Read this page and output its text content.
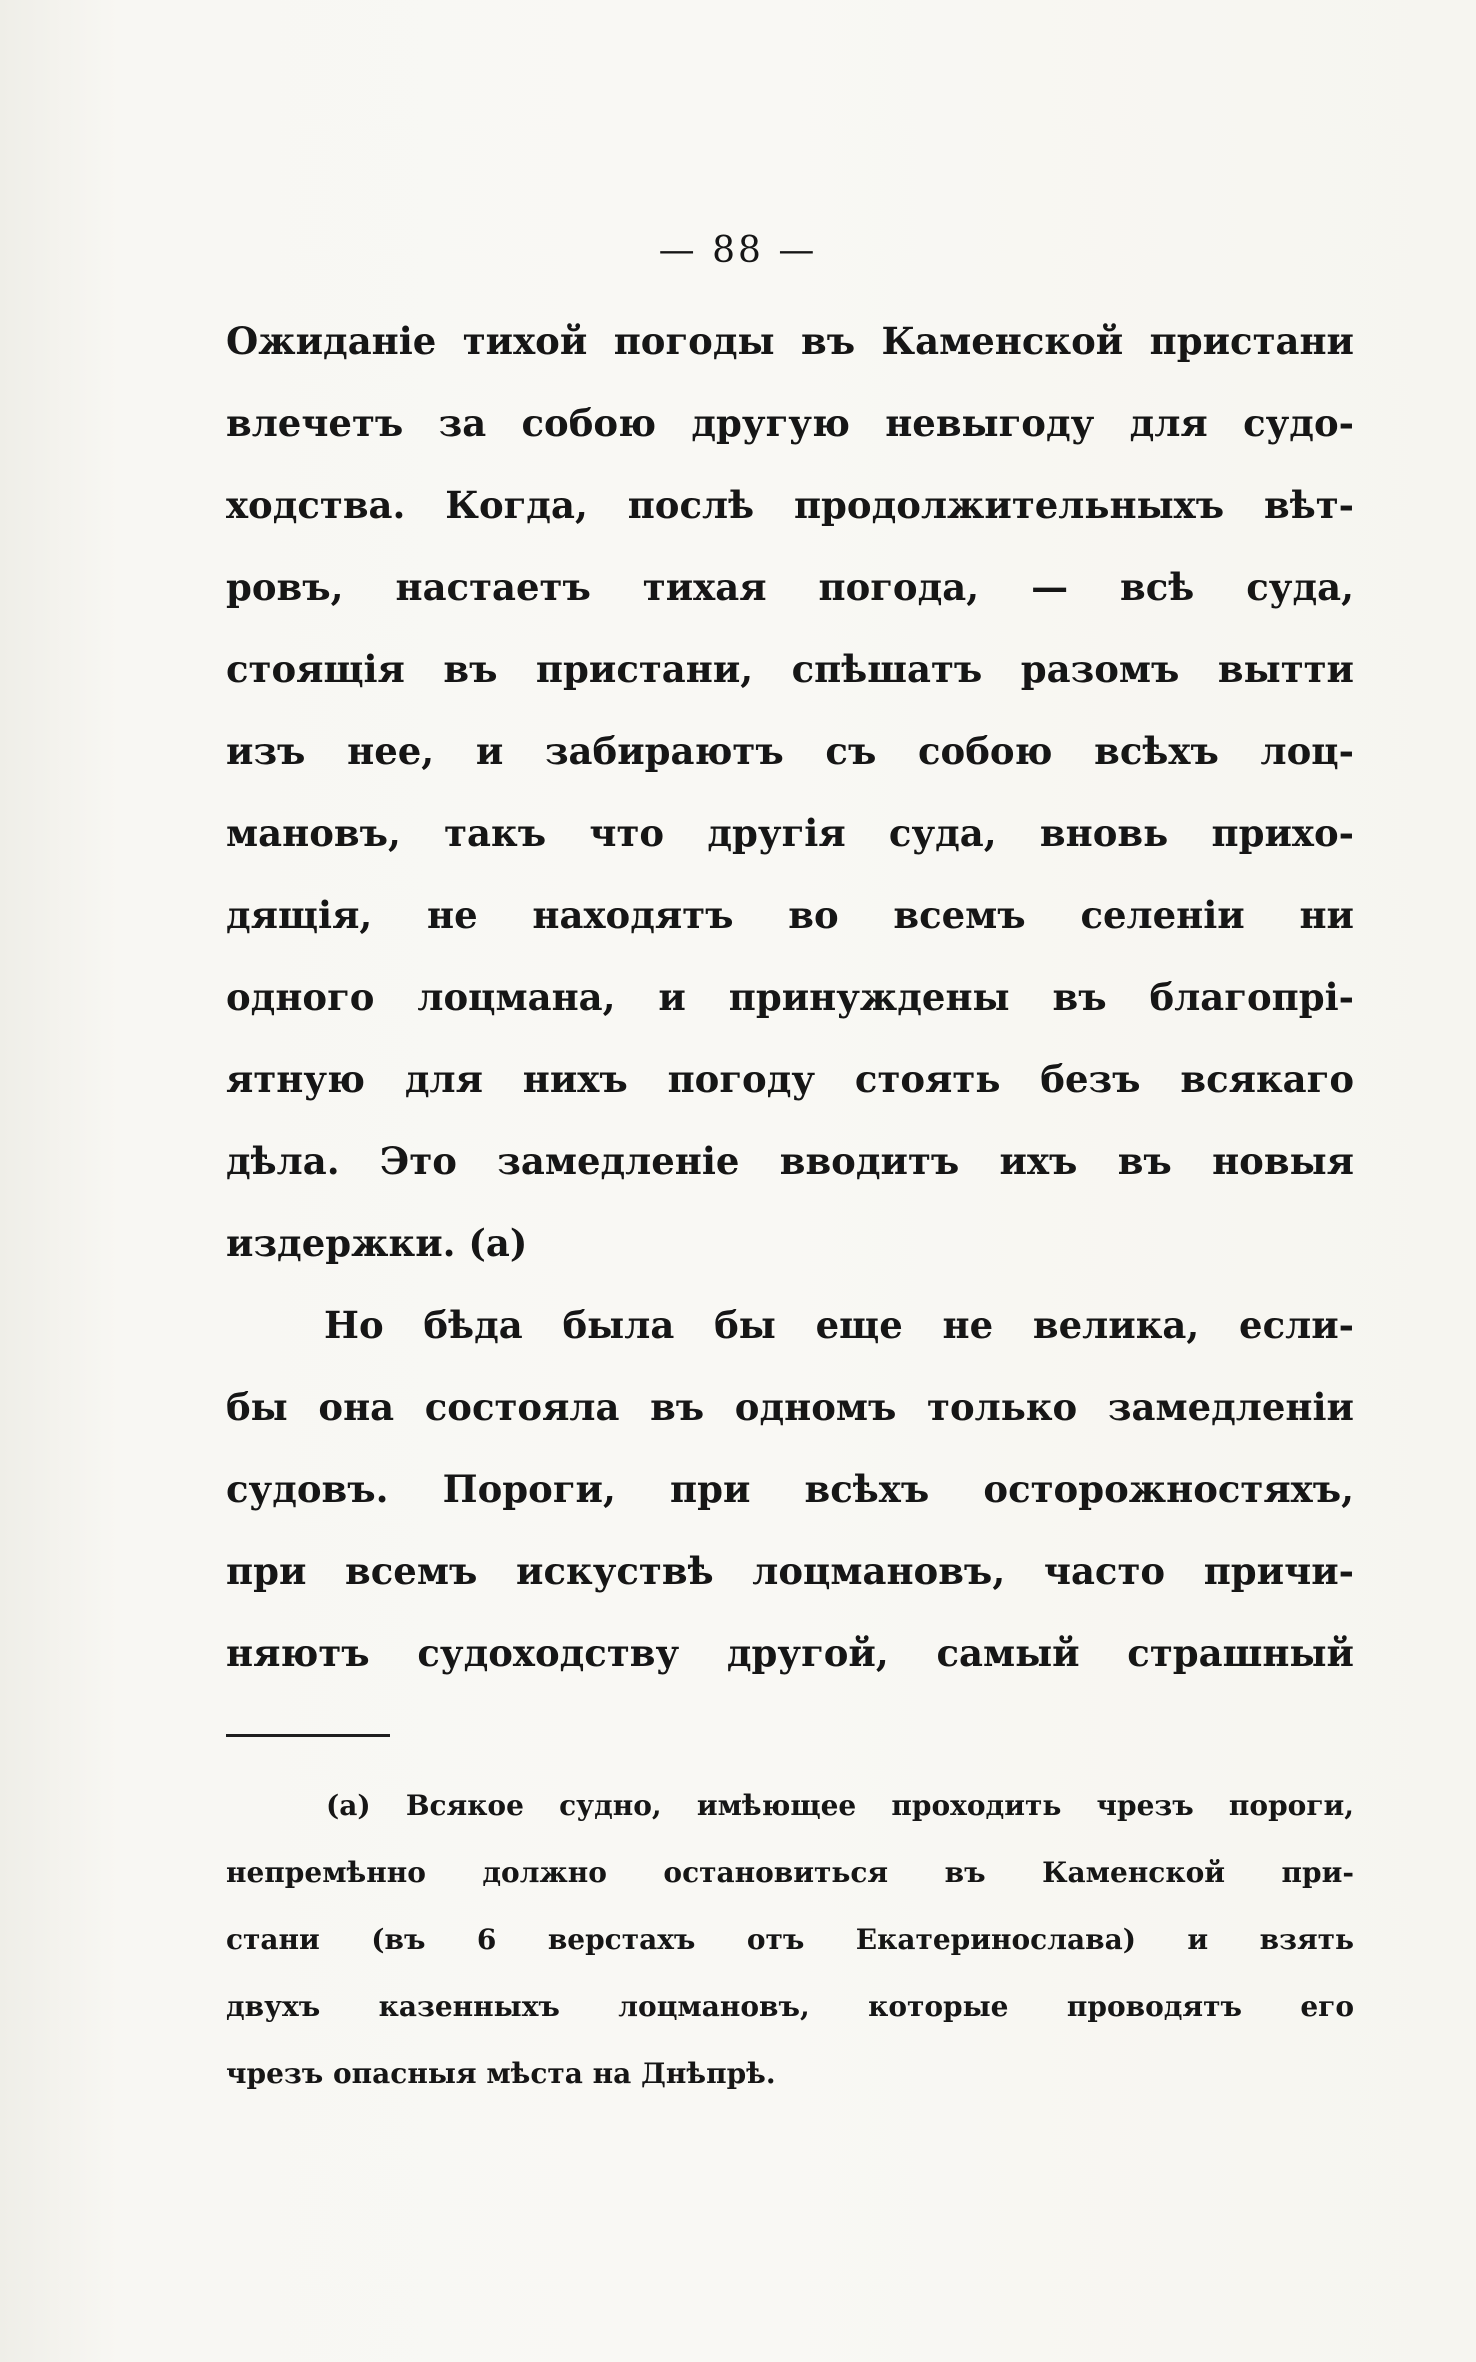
— 88 —
Ожиданіе тихой погоды въ Каменской пристани
влечетъ за собою другую невыгоду для судо-
ходства. Когда, послѣ продолжительныхъ вѣт-
ровъ, настаетъ тихая погода, — всѣ суда,
стоящія въ пристани, спѣшатъ разомъ вытти
изъ нее, и забираютъ съ собою всѣхъ лоц-
мановъ, такъ что другія суда, вновь прихо-
дящія, не находятъ во всемъ селеніи ни
одного лоцмана, и принуждены въ благопрі-
ятную для нихъ погоду стоять безъ всякаго
дѣла. Это замедленіе вводитъ ихъ въ новыя
издержки. (а)
Но бѣда была бы еще не велика, если-
бы она состояла въ одномъ только замедленіи
судовъ. Пороги, при всѣхъ осторожностяхъ,
при всемъ искуствѣ лоцмановъ, часто причи-
няютъ судоходству другой, самый страшный
(а) Всякое судно, имѣющее проходить чрезъ пороги,
непремѣнно должно остановиться въ Каменской при-
стани (въ 6 верстахъ отъ Екатеринослава) и взять
двухъ казенныхъ лоцмановъ, которые проводятъ его
чрезъ опасныя мѣста на Днѣпрѣ.
